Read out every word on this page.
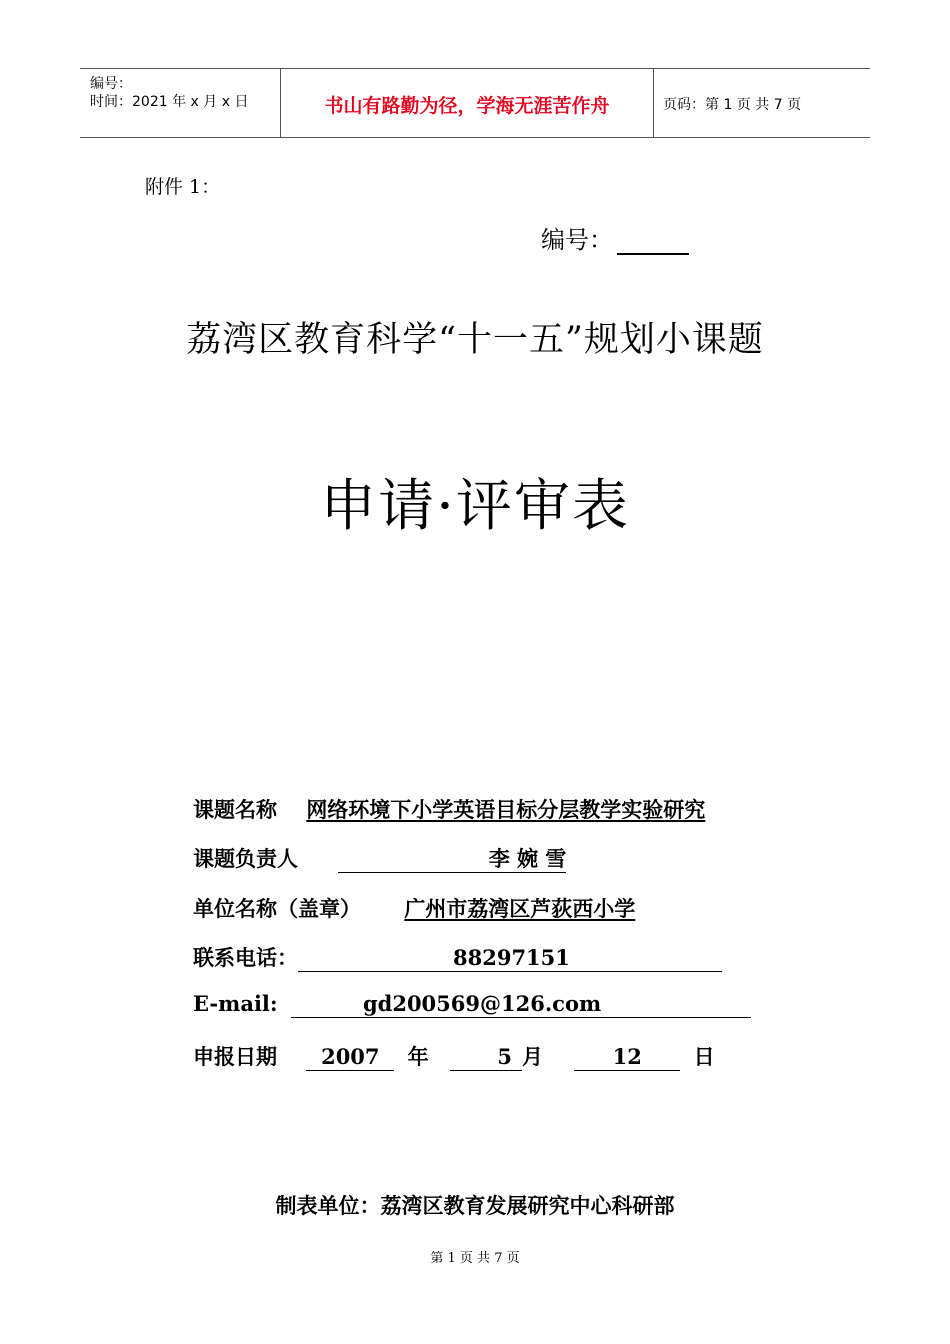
编号：
时间：2021 年 x 月 x 日	书山有路勤为径，学海无涯苦作舟	页码：第 1 页 共 7 页
附件 1：
编号：
荔湾区教育科学“十一五”规划小课题
申请·评审表
课题名称 网络环境下小学英语目标分层教学实验研究
课题负责人	李 婉 雪
单位名称（盖章） 广州市荔湾区芦荻西小学
联系电话：	88297151
E-mail:	gd200569@126.com
申报日期 2007 年	5 月	12 日
制表单位：荔湾区教育发展研究中心科研部
第 1 页 共 7 页
